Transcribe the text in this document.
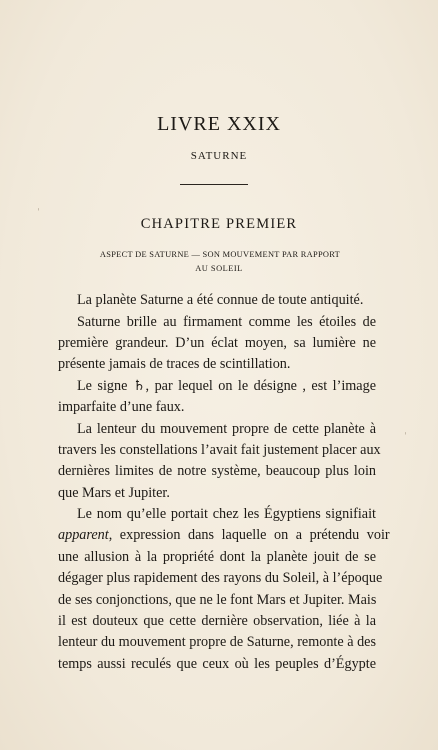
LIVRE XXIX
SATURNE
CHAPITRE PREMIER
ASPECT DE SATURNE — SON MOUVEMENT PAR RAPPORT
AU SOLEIL
La planète Saturne a été connue de toute antiquité.
Saturne brille au firmament comme les étoiles de
première grandeur. D’un éclat moyen, sa lumière ne
présente jamais de traces de scintillation.
Le signe ♄, par lequel on le désigne , est l’image
imparfaite d’une faux.
La lenteur du mouvement propre de cette planète à
travers les constellations l’avait fait justement placer aux
dernières limites de notre système, beaucoup plus loin
que Mars et Jupiter.
Le nom qu’elle portait chez les Égyptiens signifiait
apparent, expression dans laquelle on a prétendu voir
une allusion à la propriété dont la planète jouit de se
dégager plus rapidement des rayons du Soleil, à l’époque
de ses conjonctions, que ne le font Mars et Jupiter. Mais
il est douteux que cette dernière observation, liée à la
lenteur du mouvement propre de Saturne, remonte à des
temps aussi reculés que ceux où les peuples d’Égypte
ˈ
ˈ
